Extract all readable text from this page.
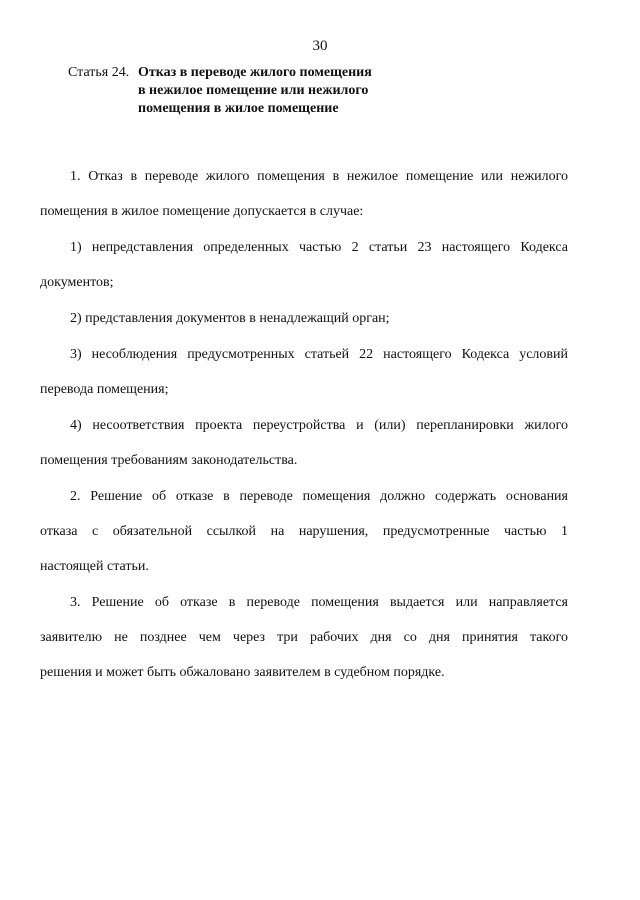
30
Статья 24. Отказ в переводе жилого помещения
в нежилое помещение или нежилого
помещения в жилое помещение

1. Отказ в переводе жилого помещения в нежилое помещение или нежилого
помещения в жилое помещение допускается в случае:

1) непредставления определенных частью 2 статьи 23 настоящего Кодекса
документов;

2) представления документов в ненадлежащий орган;

3) несоблюдения предусмотренных статьей 22 настоящего Кодекса условий
перевода помещения;

4) несоответствия проекта переустройства и (или) перепланировки жилого
помещения требованиям законодательства.

2. Решение об отказе в переводе помещения должно содержать основания
отказа с обязательной ссылкой на нарушения, предусмотренные частью 1
настоящей статьи.

3. Решение об отказе в переводе помещения выдается или направляется
заявителю не позднее чем через три рабочих дня со дня принятия такого
решения и может быть обжаловано заявителем в судебном порядке.
